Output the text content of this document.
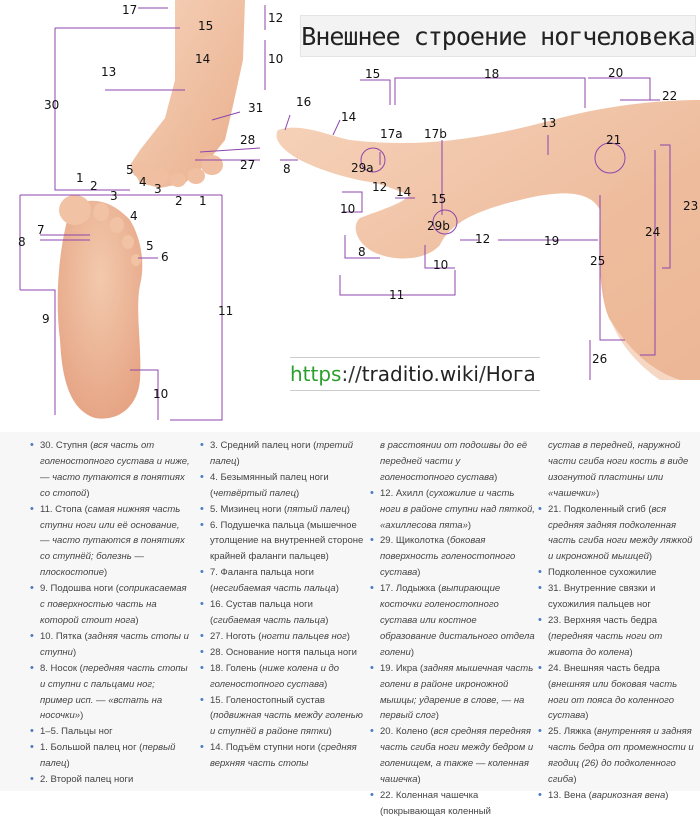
17
15
12
14	10
13
30	31
28
27
5
4 3
1
2
8
2 1
3
4
7
5
6
8
9
11
10
15	18	20
22
16
14
17a 17b
13
21
29a
12
10
14 15
29b
12	19
23
24
25
8
10
11
26
Внешнее строение ногчеловека
https://traditio.wiki/Нога
• 30. Ступня (вся часть от голеностопного сустава и ниже, — часто путаются в понятиях со стопой)
• 11. Стопа (самая нижняя часть ступни ноги или её основание, — часто путаются в понятиях со ступнёй; болезнь — плоскостопие)
• 9. Подошва ноги (соприкасаемая с поверхностью часть на которой стоит нога)
• 10. Пятка (задняя часть стопы и ступни)
• 8. Носок (передняя часть стопы и ступни с пальцами ног; пример исп. — «встать на носочки»)
• 1–5. Пальцы ног
• 1. Большой палец ног (первый палец)
• 2. Второй палец ноги
• 3. Средний палец ноги (третий палец)
• 4. Безымянный палец ноги (четвёртый палец)
• 5. Мизинец ноги (пятый палец)
• 6. Подушечка пальца (мышечное утолщение на внутренней стороне крайней фаланги пальцев)
• 7. Фаланга пальца ноги (несгибаемая часть пальца)
• 16. Сустав пальца ноги (сгибаемая часть пальца)
• 27. Ноготь (ногти пальцев ног)
• 28. Основание ногтя пальца ноги
• 18. Голень (ниже колена и до голеностопного сустава)
• 15. Голеностопный сустав (подвижная часть между голенью и ступнёй в районе пятки)
• 14. Подъём ступни ноги (средняя верхняя часть стопы
в расстоянии от подошвы до её передней части у голеностопного сустава)
• 12. Ахилл (сухожилие и часть ноги в районе ступни над пяткой, «ахиллесова пята»)
• 29. Щиколотка (боковая поверхность голеностопного сустава)
• 17. Лодыжка (выпирающие косточки голеностопного сустава или костное образование дистального отдела голени)
• 19. Икра (задняя мышечная часть голени в районе икроножной мышцы; ударение в слове, — на первый слог)
• 20. Колено (вся средняя передняя часть сгиба ноги между бедром и голенищем, а также — коленная чашечка)
• 22. Коленная чашечка (покрывающая коленный
сустав в передней, наружной части сгиба ноги кость в виде изогнутой пластины или «чашечки»)
• 21. Подколенный сгиб (вся средняя задняя подколенная часть сгиба ноги между ляжкой и икроножной мышцей)
• Подколенное сухожилие
• 31. Внутренние связки и сухожилия пальцев ног
• 23. Верхняя часть бедра (передняя часть ноги от живота до колена)
• 24. Внешняя часть бедра (внешняя или боковая часть ноги от пояса до коленного сустава)
• 25. Ляжка (внутренняя и задняя часть бедра от промежности и ягодиц (26) до подколенного сгиба)
• 13. Вена (варикозная вена)
